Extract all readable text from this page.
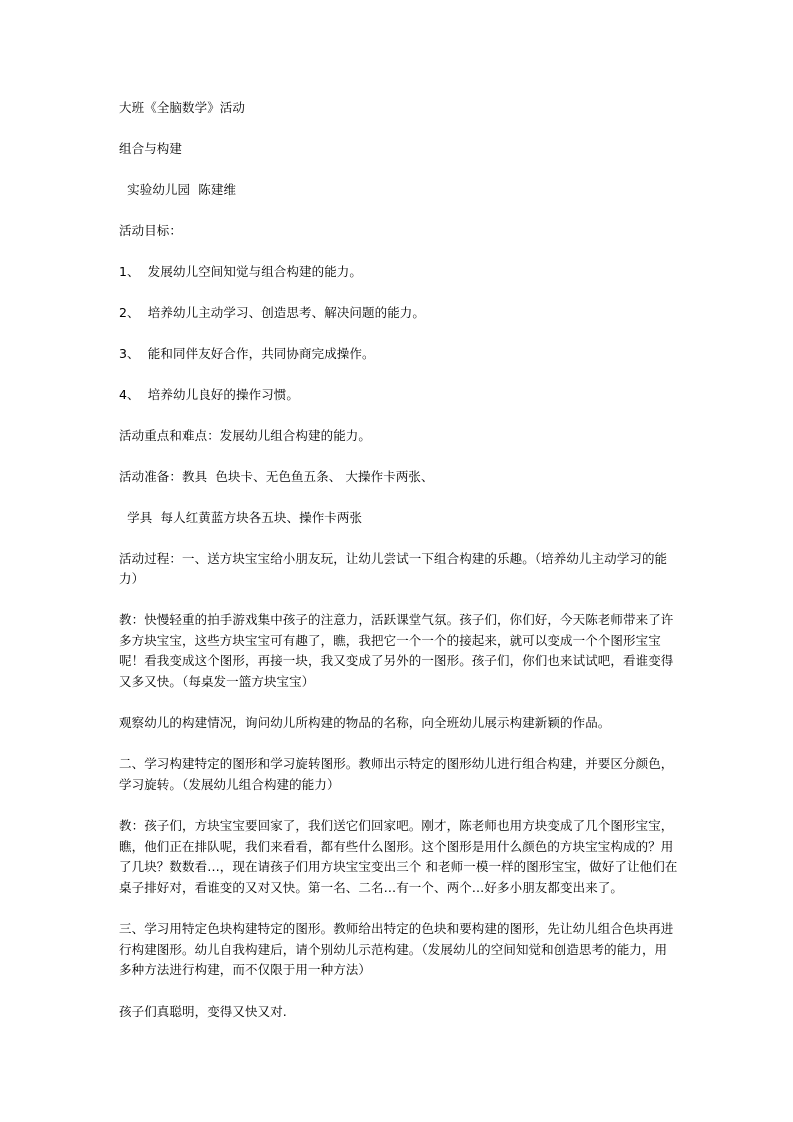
大班《全脑数学》活动

组合与构建

实验幼儿园  陈建维

活动目标：

1、  发展幼儿空间知觉与组合构建的能力。

2、  培养幼儿主动学习、创造思考、解决问题的能力。

3、  能和同伴友好合作，共同协商完成操作。

4、  培养幼儿良好的操作习惯。

活动重点和难点：发展幼儿组合构建的能力。

活动准备：教具  色块卡、无色鱼五条、 大操作卡两张、

学具  每人红黄蓝方块各五块、操作卡两张

活动过程：一、送方块宝宝给小朋友玩，让幼儿尝试一下组合构建的乐趣。（培养幼儿主动学习的能力）

教：快慢轻重的拍手游戏集中孩子的注意力，活跃课堂气氛。孩子们，你们好，今天陈老师带来了许多方块宝宝，这些方块宝宝可有趣了，瞧，我把它一个一个的接起来，就可以变成一个个图形宝宝呢！看我变成这个图形，再接一块，我又变成了另外的一图形。孩子们，你们也来试试吧，看谁变得又多又快。（每桌发一篮方块宝宝）

观察幼儿的构建情况，询问幼儿所构建的物品的名称，向全班幼儿展示构建新颖的作品。

二、学习构建特定的图形和学习旋转图形。教师出示特定的图形幼儿进行组合构建，并要区分颜色，学习旋转。（发展幼儿组合构建的能力）

教：孩子们，方块宝宝要回家了，我们送它们回家吧。刚才，陈老师也用方块变成了几个图形宝宝，瞧，他们正在排队呢，我们来看看，都有些什么图形。这个图形是用什么颜色的方块宝宝构成的？用了几块？数数看…，现在请孩子们用方块宝宝变出三个 和老师一模一样的图形宝宝，做好了让他们在桌子排好对，看谁变的又对又快。第一名、二名…有一个、两个…好多小朋友都变出来了。

三、学习用特定色块构建特定的图形。教师给出特定的色块和要构建的图形，先让幼儿组合色块再进行构建图形。幼儿自我构建后，请个别幼儿示范构建。（发展幼儿的空间知觉和创造思考的能力，用多种方法进行构建，而不仅限于用一种方法）

孩子们真聪明，变得又快又对.
